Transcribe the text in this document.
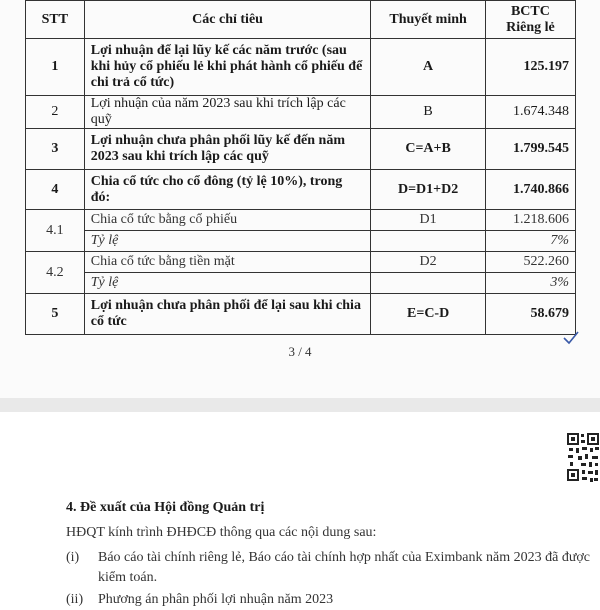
STT	Các chỉ tiêu	Thuyết minh	BCTC
Riêng lẻ

1	Lợi nhuận để lại lũy kế các năm trước (sau khi hủy cổ phiếu lẻ khi phát hành cổ phiếu để chi trả cổ tức)	A	125.197
2	Lợi nhuận của năm 2023 sau khi trích lập các quỹ	B	1.674.348
3	Lợi nhuận chưa phân phối lũy kế đến năm 2023 sau khi trích lập các quỹ	C=A+B	1.799.545
4	Chia cổ tức cho cổ đông (tỷ lệ 10%), trong đó:	D=D1+D2	1.740.866
4.1	Chia cổ tức bằng cổ phiếu	D1	1.218.606
	Tỷ lệ		7%
4.2	Chia cổ tức bằng tiền mặt	D2	522.260
	Tỷ lệ		3%
5	Lợi nhuận chưa phân phối để lại sau khi chia cổ tức	E=C-D	58.679
3 / 4
4. Đề xuất của Hội đồng Quản trị
HĐQT kính trình ĐHĐCĐ thông qua các nội dung sau:
(i) Báo cáo tài chính riêng lẻ, Báo cáo tài chính hợp nhất của Eximbank năm 2023 đã được kiểm toán.
(ii) Phương án phân phối lợi nhuận năm 2023
